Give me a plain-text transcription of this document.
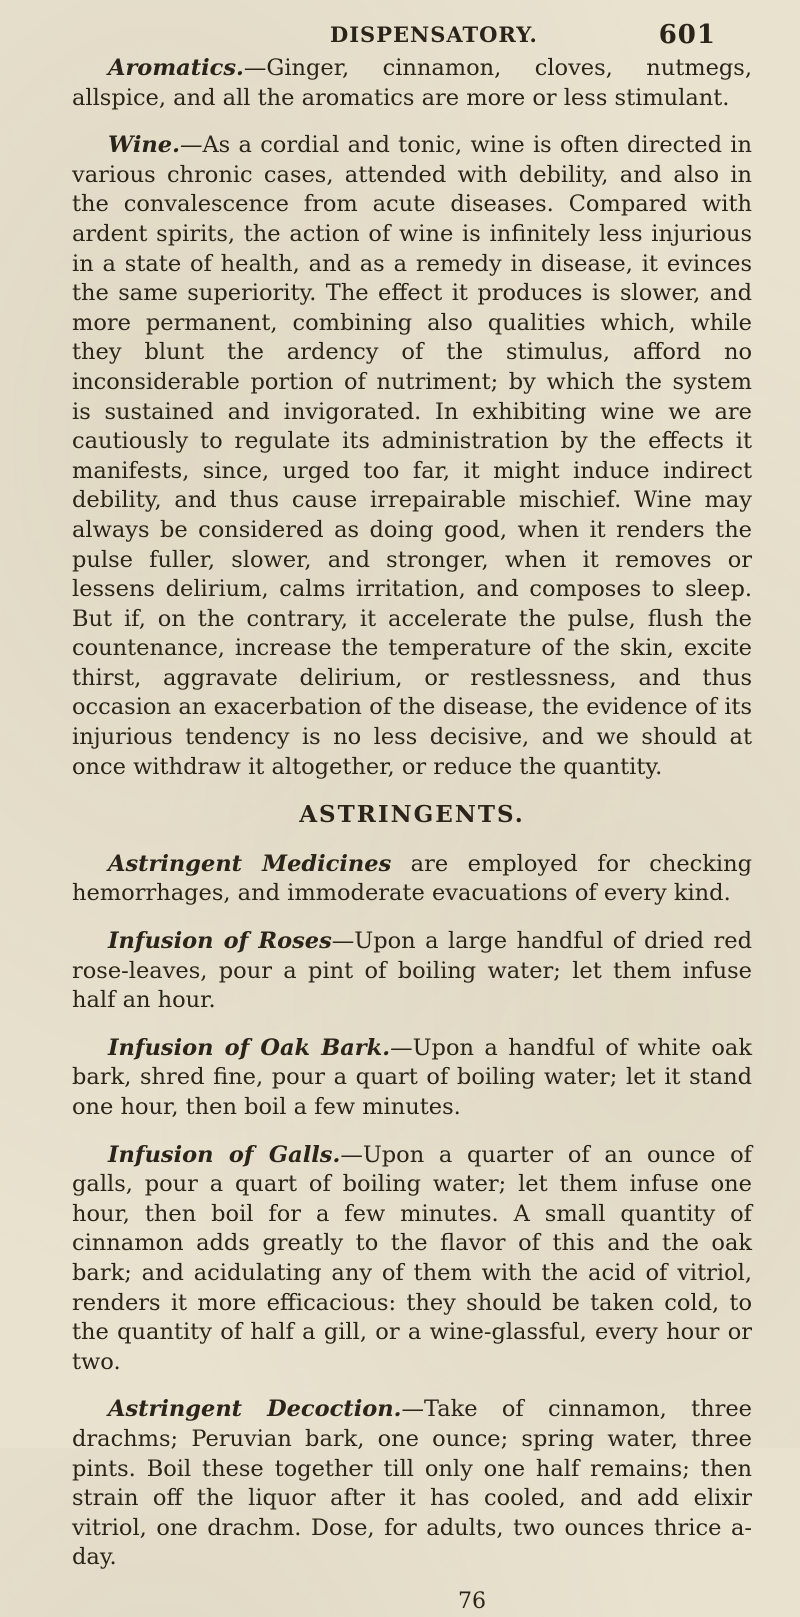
DISPENSATORY.	601

Aromatics.—Ginger, cinnamon, cloves, nutmegs, allspice, and all the aromatics are more or less stimulant.

Wine.—As a cordial and tonic, wine is often directed in various chronic cases, attended with debility, and also in the convalescence from acute diseases. Compared with ardent spirits, the action of wine is infinitely less injurious in a state of health, and as a remedy in disease, it evinces the same superiority. The effect it produces is slower, and more permanent, combining also qualities which, while they blunt the ardency of the stimulus, afford no inconsiderable portion of nutriment; by which the system is sustained and invigorated. In exhibiting wine we are cautiously to regulate its administration by the effects it manifests, since, urged too far, it might induce indirect debility, and thus cause irrepairable mischief. Wine may always be considered as doing good, when it renders the pulse fuller, slower, and stronger, when it removes or lessens delirium, calms irritation, and composes to sleep. But if, on the contrary, it accelerate the pulse, flush the countenance, increase the temperature of the skin, excite thirst, aggravate delirium, or restlessness, and thus occasion an exacerbation of the disease, the evidence of its injurious tendency is no less decisive, and we should at once withdraw it altogether, or reduce the quantity.

ASTRINGENTS.

Astringent Medicines are employed for checking hemorrhages, and immoderate evacuations of every kind.

Infusion of Roses—Upon a large handful of dried red rose-leaves, pour a pint of boiling water; let them infuse half an hour.

Infusion of Oak Bark.—Upon a handful of white oak bark, shred fine, pour a quart of boiling water; let it stand one hour, then boil a few minutes.

Infusion of Galls.—Upon a quarter of an ounce of galls, pour a quart of boiling water; let them infuse one hour, then boil for a few minutes. A small quantity of cinnamon adds greatly to the flavor of this and the oak bark; and acidulating any of them with the acid of vitriol, renders it more efficacious: they should be taken cold, to the quantity of half a gill, or a wine-glassful, every hour or two.

Astringent Decoction.—Take of cinnamon, three drachms; Peruvian bark, one ounce; spring water, three pints. Boil these together till only one half remains; then strain off the liquor after it has cooled, and add elixir vitriol, one drachm. Dose, for adults, two ounces thrice a-day.

76
